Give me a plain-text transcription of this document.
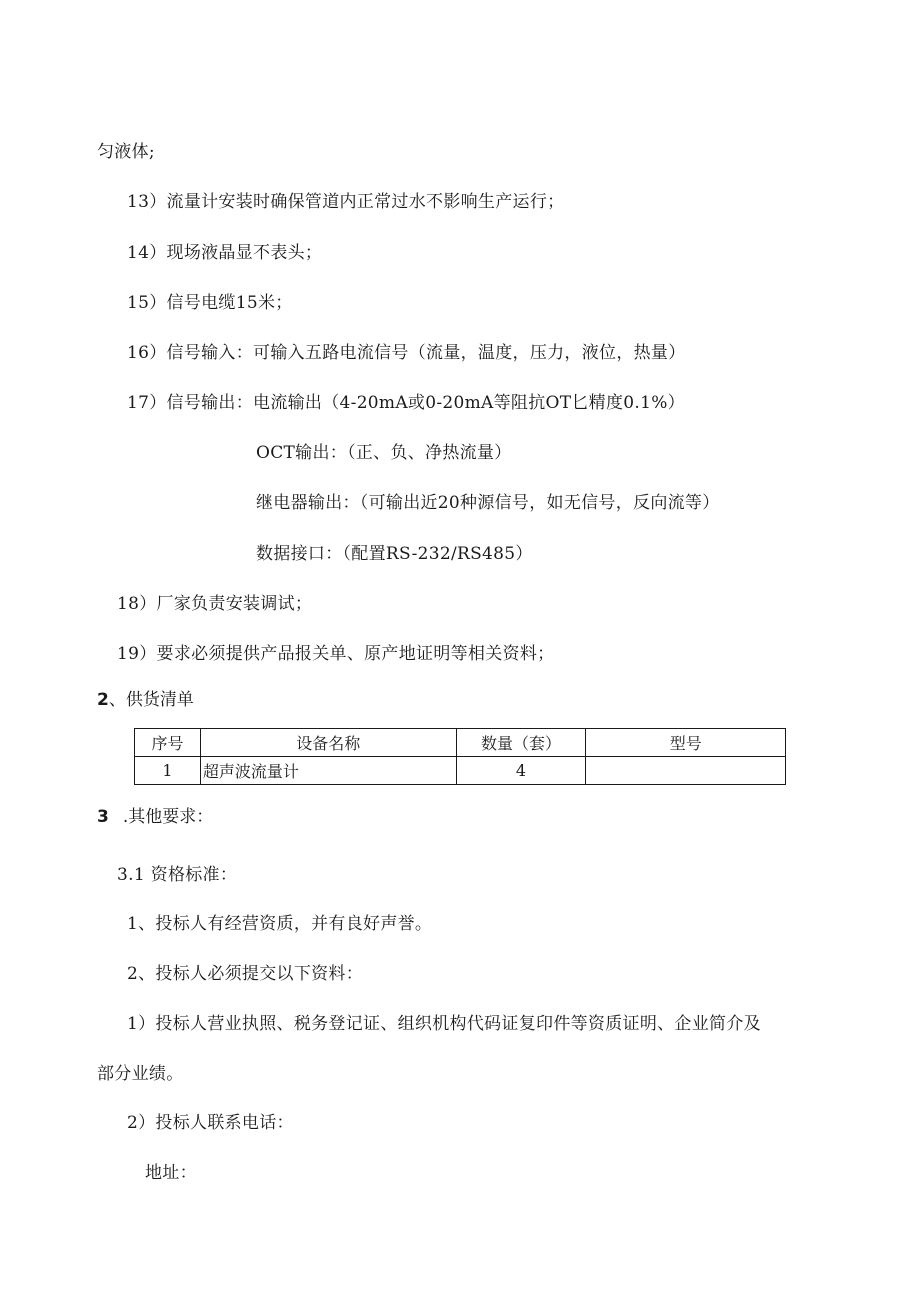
匀液体;
13）流量计安装时确保管道内正常过水不影响生产运行；
14）现场液晶显不表头；
15）信号电缆15米；
16）信号输入：可输入五路电流信号（流量，温度，压力，液位，热量）
17）信号输出：电流输出（4-20mA或0-20mA等阻抗OT匕精度0.1%）
OCT输出：（正、负、净热流量）
继电器输出：（可输出近20种源信号，如无信号，反向流等）
数据接口：（配置RS-232/RS485）
18）厂家负责安装调试；
19）要求必须提供产品报关单、原产地证明等相关资料；
2、供货清单
序号	设备名称	数量（套）	型号
1	超声波流量计	4	
3 .其他要求：
3.1 资格标准：
1、投标人有经营资质，并有良好声誉。
2、投标人必须提交以下资料：
1）投标人营业执照、税务登记证、组织机构代码证复印件等资质证明、企业简介及
部分业绩。
2）投标人联系电话：
地址：
